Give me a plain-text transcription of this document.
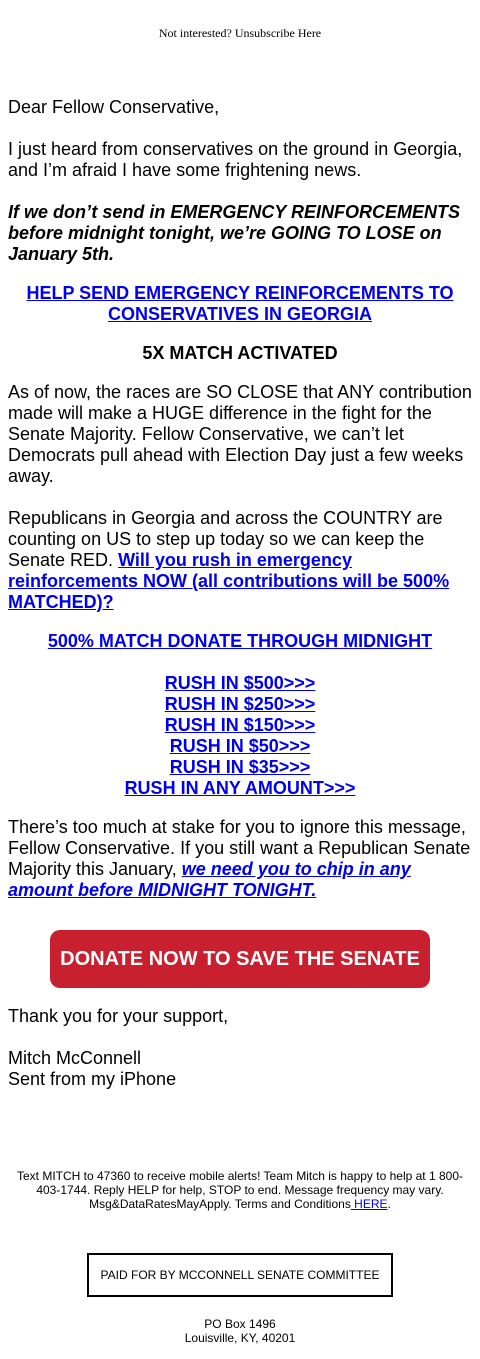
Not interested? Unsubscribe Here

Dear Fellow Conservative,

I just heard from conservatives on the ground in Georgia, and I’m afraid I have some frightening news.

If we don’t send in EMERGENCY REINFORCEMENTS before midnight tonight, we’re GOING TO LOSE on January 5th.

HELP SEND EMERGENCY REINFORCEMENTS TO CONSERVATIVES IN GEORGIA

5X MATCH ACTIVATED

As of now, the races are SO CLOSE that ANY contribution made will make a HUGE difference in the fight for the Senate Majority. Fellow Conservative, we can’t let Democrats pull ahead with Election Day just a few weeks away.

Republicans in Georgia and across the COUNTRY are counting on US to step up today so we can keep the Senate RED. Will you rush in emergency reinforcements NOW (all contributions will be 500% MATCHED)?

500% MATCH DONATE THROUGH MIDNIGHT

RUSH IN $500>>>
RUSH IN $250>>>
RUSH IN $150>>>
RUSH IN $50>>>
RUSH IN $35>>>
RUSH IN ANY AMOUNT>>>

There’s too much at stake for you to ignore this message, Fellow Conservative. If you still want a Republican Senate Majority this January, we need you to chip in any amount before MIDNIGHT TONIGHT.

DONATE NOW TO SAVE THE SENATE

Thank you for your support,

Mitch McConnell

Sent from my iPhone

Text MITCH to 47360 to receive mobile alerts! Team Mitch is happy to help at 1 800-403-1744. Reply HELP for help, STOP to end. Message frequency may vary. Msg&DataRatesMayApply. Terms and Conditions HERE.
PAID FOR BY MCCONNELL SENATE COMMITTEE
PO Box 1496
Louisville, KY, 40201
